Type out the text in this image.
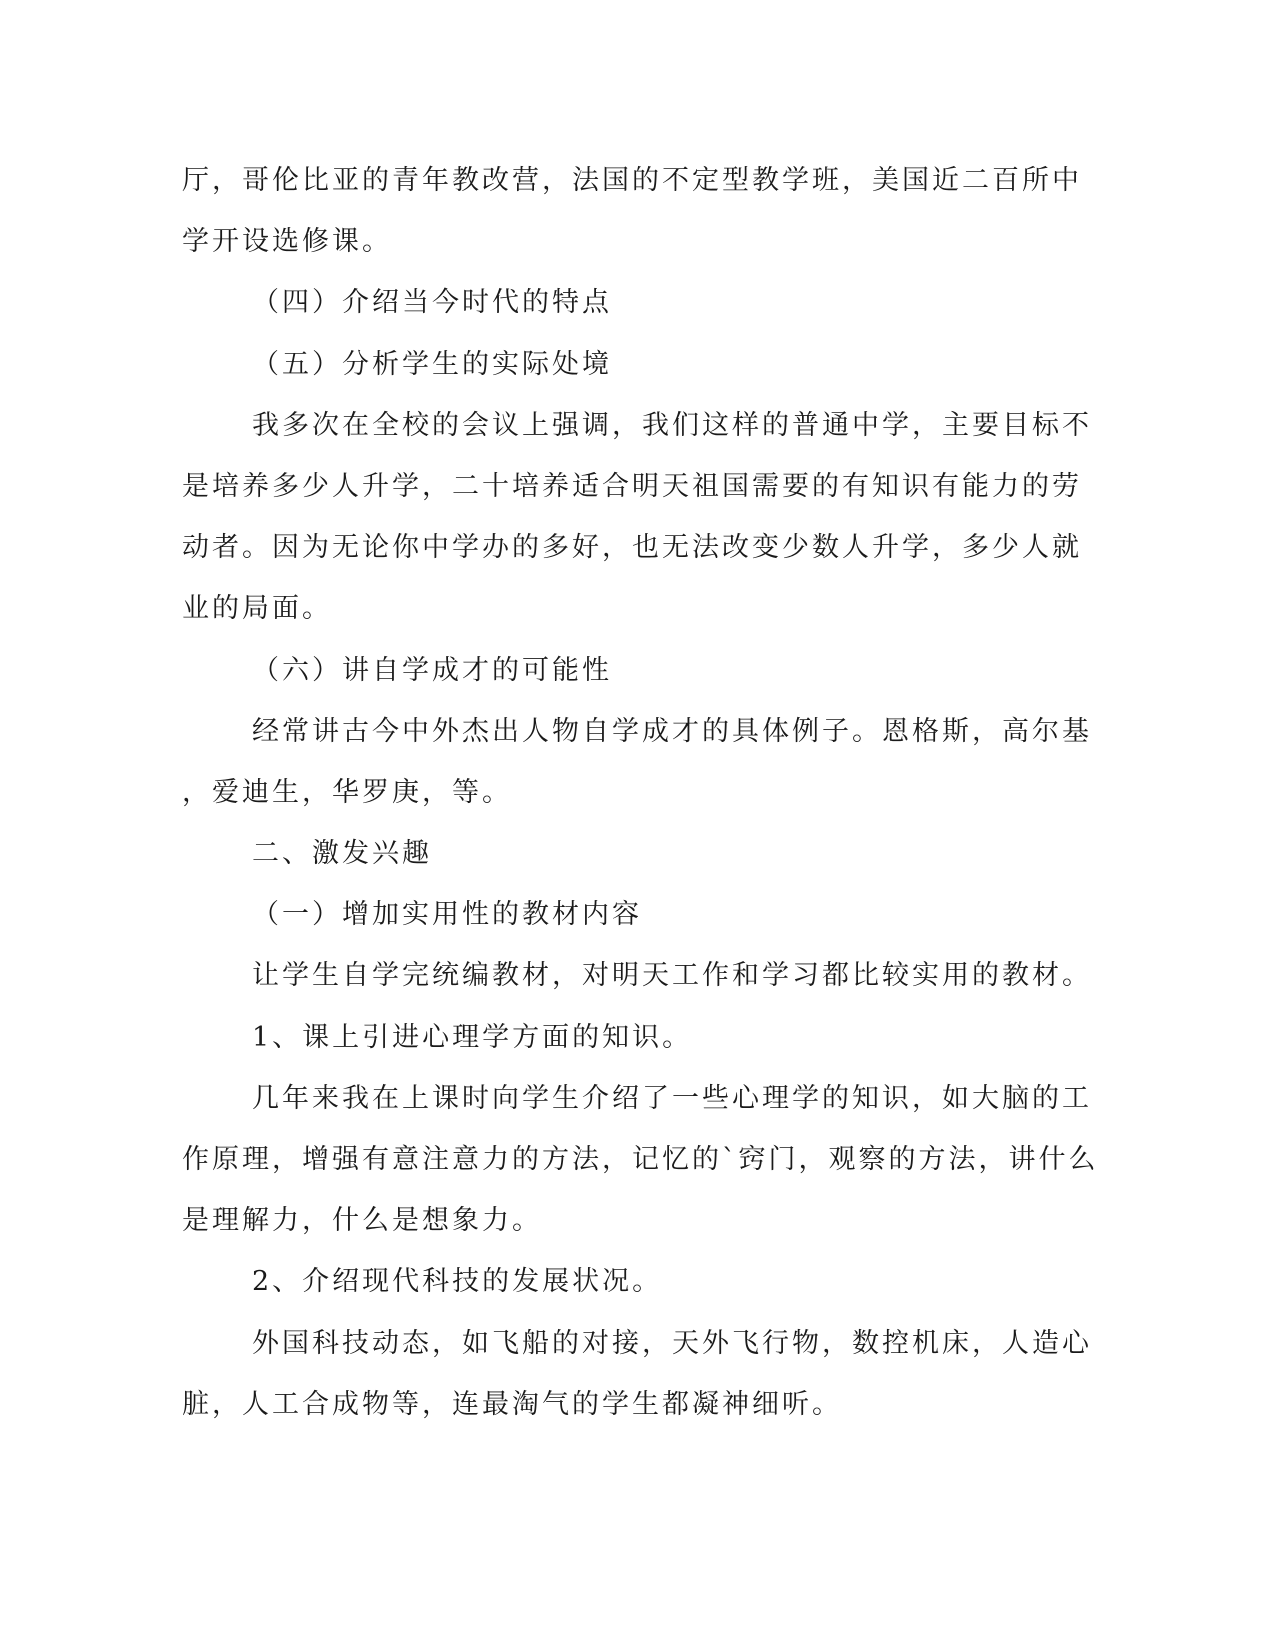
厅，哥伦比亚的青年教改营，法国的不定型教学班，美国近二百所中

学开设选修课。

（四）介绍当今时代的特点

（五）分析学生的实际处境

我多次在全校的会议上强调，我们这样的普通中学，主要目标不

是培养多少人升学，二十培养适合明天祖国需要的有知识有能力的劳

动者。因为无论你中学办的多好，也无法改变少数人升学，多少人就

业的局面。

（六）讲自学成才的可能性

经常讲古今中外杰出人物自学成才的具体例子。恩格斯，高尔基

，爱迪生，华罗庚，等。

二、激发兴趣

（一）增加实用性的教材内容

让学生自学完统编教材，对明天工作和学习都比较实用的教材。

1、课上引进心理学方面的知识。

几年来我在上课时向学生介绍了一些心理学的知识，如大脑的工

作原理，增强有意注意力的方法，记忆的`窍门，观察的方法，讲什么

是理解力，什么是想象力。

2、介绍现代科技的发展状况。

外国科技动态，如飞船的对接，天外飞行物，数控机床，人造心

脏，人工合成物等，连最淘气的学生都凝神细听。
